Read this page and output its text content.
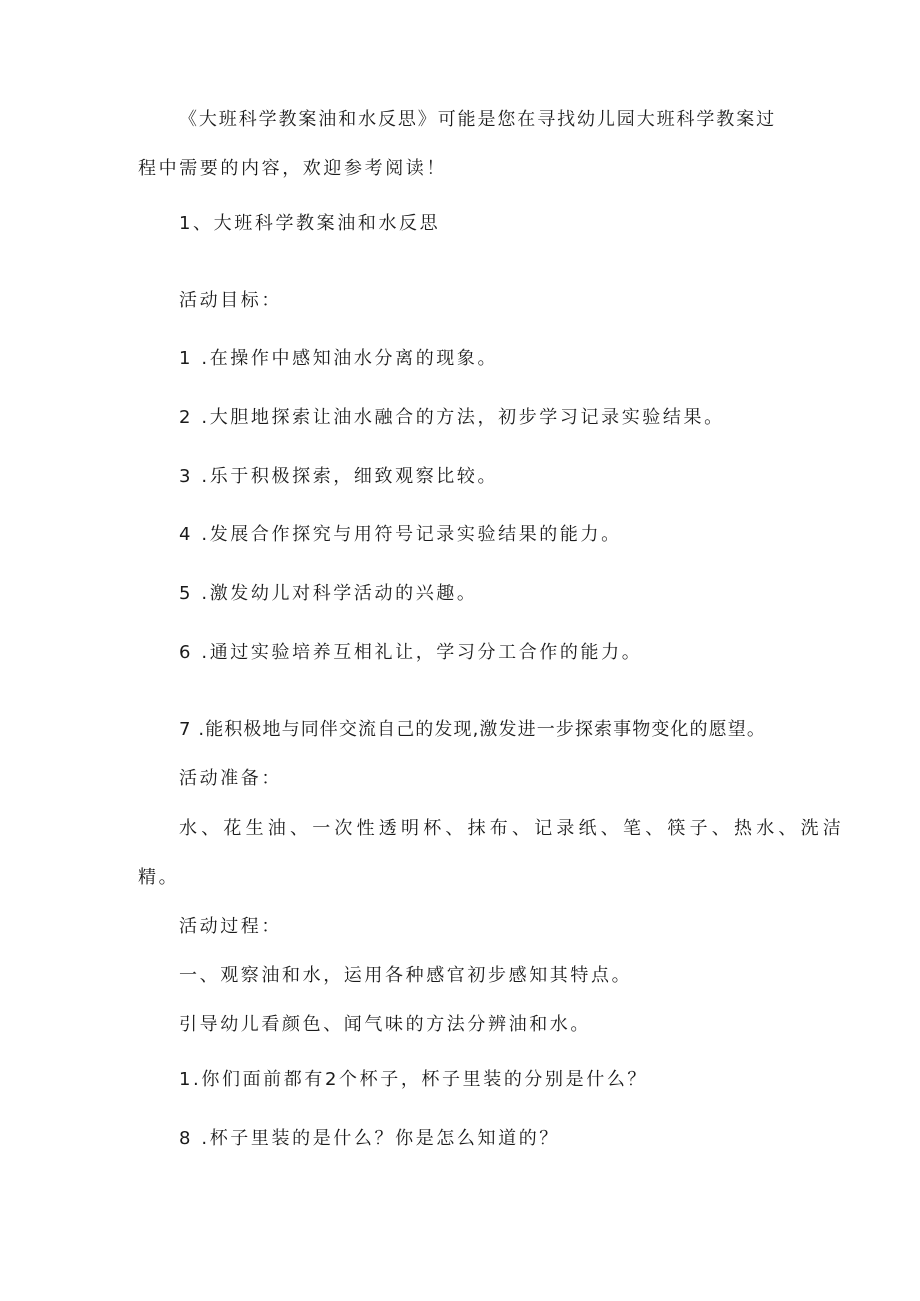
《大班科学教案油和水反思》可能是您在寻找幼儿园大班科学教案过
程中需要的内容，欢迎参考阅读！
1、大班科学教案油和水反思
活动目标：
1 .在操作中感知油水分离的现象。
2 .大胆地探索让油水融合的方法，初步学习记录实验结果。
3 .乐于积极探索，细致观察比较。
4 .发展合作探究与用符号记录实验结果的能力。
5 .激发幼儿对科学活动的兴趣。
6 .通过实验培养互相礼让，学习分工合作的能力。
7 .能积极地与同伴交流自己的发现,激发进一步探索事物变化的愿望。
活动准备：
水、花生油、一次性透明杯、抹布、记录纸、笔、筷子、热水、洗洁
精。
活动过程：
一、观察油和水，运用各种感官初步感知其特点。
引导幼儿看颜色、闻气味的方法分辨油和水。
1.你们面前都有2个杯子，杯子里装的分别是什么？
8 .杯子里装的是什么？你是怎么知道的？
